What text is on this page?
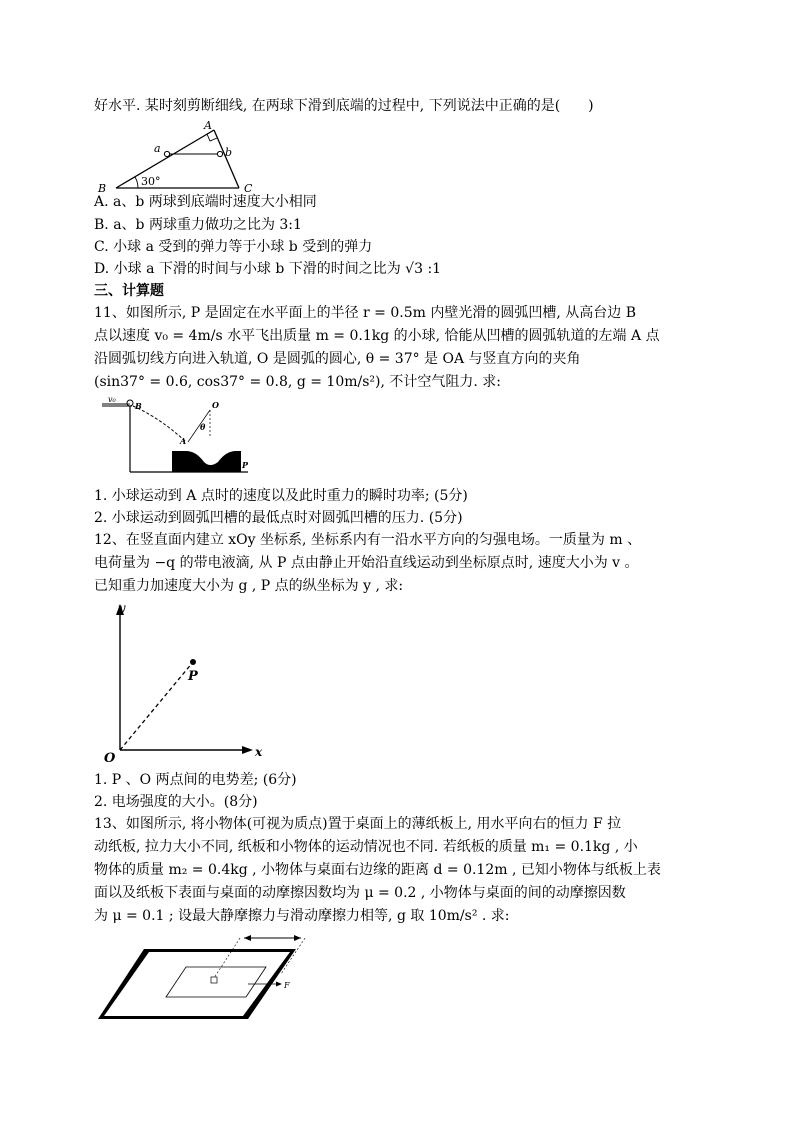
好水平. 某时刻剪断细线, 在两球下滑到底端的过程中, 下列说法中正确的是(　　)
A
B	C
a	b
30°
A. a、b 两球到底端时速度大小相同
B. a、b 两球重力做功之比为 3:1
C. 小球 a 受到的弹力等于小球 b 受到的弹力
D. 小球 a 下滑的时间与小球 b 下滑的时间之比为 √3 :1
三、计算题
11、如图所示, P 是固定在水平面上的半径 r = 0.5m 内壁光滑的圆弧凹槽, 从高台边 B
点以速度 v₀ = 4m/s 水平飞出质量 m = 0.1kg 的小球, 恰能从凹槽的圆弧轨道的左端 A 点
沿圆弧切线方向进入轨道, O 是圆弧的圆心, θ = 37° 是 OA 与竖直方向的夹角
(sin37° = 0.6, cos37° = 0.8, g = 10m/s²), 不计空气阻力. 求:
v₀
B
A
O
θ
P
1. 小球运动到 A 点时的速度以及此时重力的瞬时功率; (5分)
2. 小球运动到圆弧凹槽的最低点时对圆弧凹槽的压力. (5分)
12、在竖直面内建立 xOy 坐标系, 坐标系内有一沿水平方向的匀强电场。一质量为 m 、
电荷量为 −q 的带电液滴, 从 P 点由静止开始沿直线运动到坐标原点时, 速度大小为 v 。
已知重力加速度大小为 g , P 点的纵坐标为 y , 求:
y
x
O
P
1. P 、O 两点间的电势差; (6分)
2. 电场强度的大小。(8分)
13、如图所示, 将小物体(可视为质点)置于桌面上的薄纸板上, 用水平向右的恒力 F 拉
动纸板, 拉力大小不同, 纸板和小物体的运动情况也不同. 若纸板的质量 m₁ = 0.1kg , 小
物体的质量 m₂ = 0.4kg , 小物体与桌面右边缘的距离 d = 0.12m , 已知小物体与纸板上表
面以及纸板下表面与桌面的动摩擦因数均为 μ = 0.2 , 小物体与桌面的间的动摩擦因数
为 μ = 0.1 ; 设最大静摩擦力与滑动摩擦力相等, g 取 10m/s² . 求:
F
